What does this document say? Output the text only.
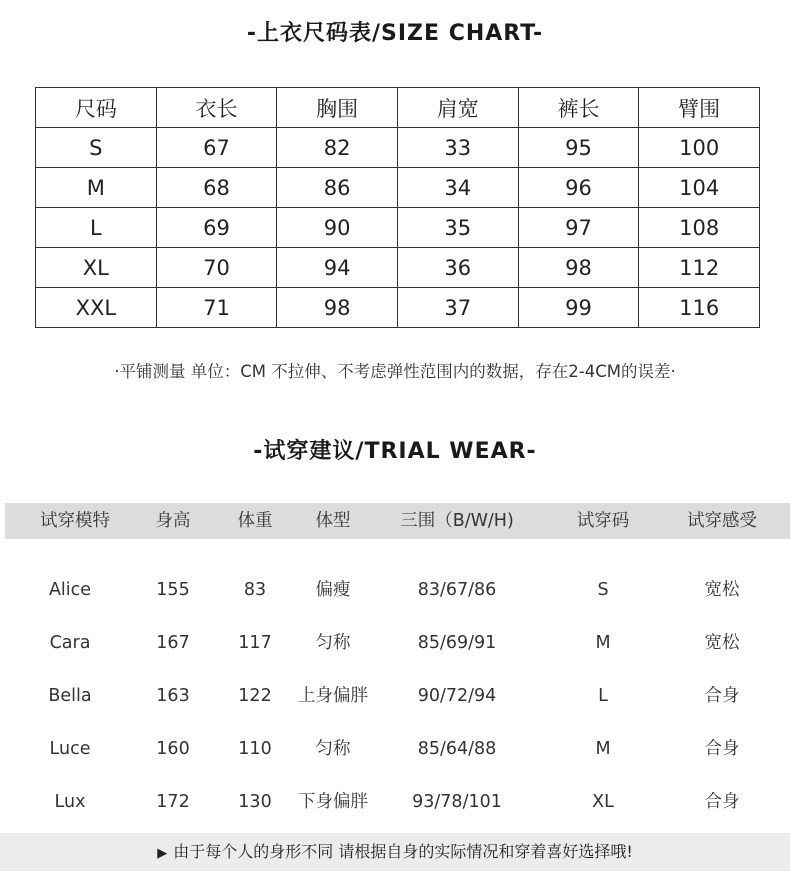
-上衣尺码表/SIZE CHART-
尺码	衣长	胸围	肩宽	裤长	臂围
S	67	82	33	95	100
M	68	86	34	96	104
L	69	90	35	97	108
XL	70	94	36	98	112
XXL	71	98	37	99	116
·平铺测量 单位：CM 不拉伸、不考虑弹性范围内的数据，存在2-4CM的误差·
-试穿建议/TRIAL WEAR-
试穿模特	身高	体重 体型	三围（B/W/H)	试穿码	试穿感受
Alice	155	83	偏瘦	83/67/86	S	宽松
Cara	167	117	匀称	85/69/91	M	宽松
Bella	163	122 上身偏胖	90/72/94	L	合身
Luce	160	110	匀称	85/64/88	M	合身
Lux	172	130 下身偏胖	93/78/101	XL	合身
▶ 由于每个人的身形不同 请根据自身的实际情况和穿着喜好选择哦!
